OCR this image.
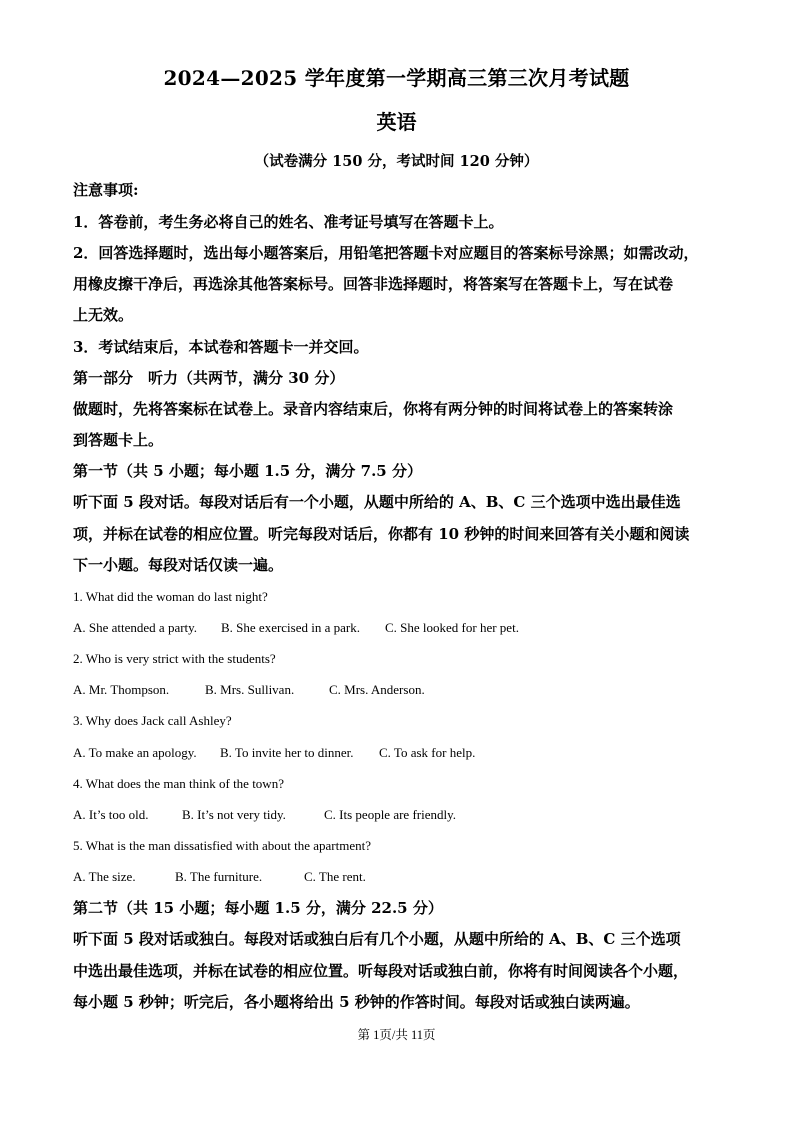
2024—2025 学年度第一学期高三第三次月考试题
英语
（试卷满分 150 分，考试时间 120 分钟）
注意事项:
1．答卷前，考生务必将自己的姓名、准考证号填写在答题卡上。
2．回答选择题时，选出每小题答案后，用铅笔把答题卡对应题目的答案标号涂黑；如需改动，
用橡皮擦干净后，再选涂其他答案标号。回答非选择题时，将答案写在答题卡上，写在试卷
上无效。
3．考试结束后，本试卷和答题卡一并交回。
第一部分　听力（共两节，满分 30 分）
做题时，先将答案标在试卷上。录音内容结束后，你将有两分钟的时间将试卷上的答案转涂
到答题卡上。
第一节（共 5 小题；每小题 1.5 分，满分 7.5 分）
听下面 5 段对话。每段对话后有一个小题，从题中所给的 A、B、C 三个选项中选出最佳选
项，并标在试卷的相应位置。听完每段对话后，你都有 10 秒钟的时间来回答有关小题和阅读
下一小题。每段对话仅读一遍。
1. What did the woman do last night?
A. She attended a party. B. She exercised in a park. C. She looked for her pet.
2. Who is very strict with the students?
A. Mr. Thompson.	B. Mrs. Sullivan.	C. Mrs. Anderson.
3. Why does Jack call Ashley?
A. To make an apology. B. To invite her to dinner. C. To ask for help.
4. What does the man think of the town?
A. It’s too old.	B. It’s not very tidy.	C. Its people are friendly.
5. What is the man dissatisfied with about the apartment?
A. The size.	B. The furniture.	C. The rent.
第二节（共 15 小题；每小题 1.5 分，满分 22.5 分）
听下面 5 段对话或独白。每段对话或独白后有几个小题，从题中所给的 A、B、C 三个选项
中选出最佳选项，并标在试卷的相应位置。听每段对话或独白前，你将有时间阅读各个小题，
每小题 5 秒钟；听完后，各小题将给出 5 秒钟的作答时间。每段对话或独白读两遍。
第 1页/共 11页
